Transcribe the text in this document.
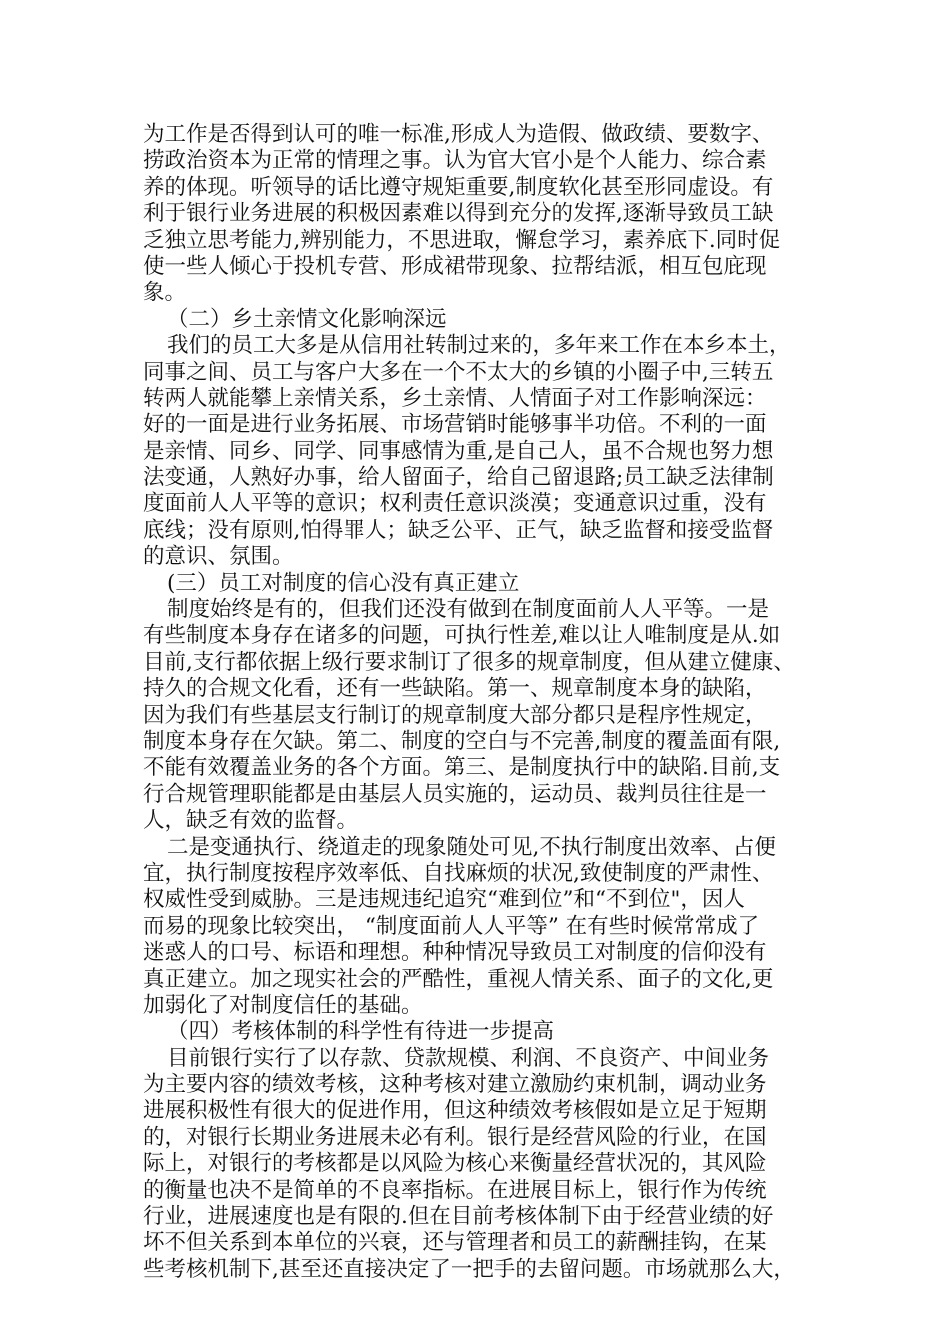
为工作是否得到认可的唯一标准,形成人为造假、做政绩、要数字、
捞政治资本为正常的情理之事。认为官大官小是个人能力、综合素
养的体现。听领导的话比遵守规矩重要,制度软化甚至形同虚设。有
利于银行业务进展的积极因素难以得到充分的发挥,逐渐导致员工缺
乏独立思考能力,辨别能力，不思进取，懈怠学习，素养底下.同时促
使一些人倾心于投机专营、形成裙带现象、拉帮结派，相互包庇现
象。
（二）乡土亲情文化影响深远
我们的员工大多是从信用社转制过来的，多年来工作在本乡本土，
同事之间、员工与客户大多在一个不太大的乡镇的小圈子中,三转五
转两人就能攀上亲情关系，乡土亲情、人情面子对工作影响深远：
好的一面是进行业务拓展、市场营销时能够事半功倍。不利的一面
是亲情、同乡、同学、同事感情为重,是自己人，虽不合规也努力想
法变通，人熟好办事，给人留面子，给自己留退路;员工缺乏法律制
度面前人人平等的意识；权利责任意识淡漠；变通意识过重，没有
底线；没有原则,怕得罪人；缺乏公平、正气，缺乏监督和接受监督
的意识、氛围。
(三）员工对制度的信心没有真正建立
制度始终是有的，但我们还没有做到在制度面前人人平等。一是
有些制度本身存在诸多的问题，可执行性差,难以让人唯制度是从.如
目前,支行都依据上级行要求制订了很多的规章制度，但从建立健康、
持久的合规文化看，还有一些缺陷。第一、规章制度本身的缺陷，
因为我们有些基层支行制订的规章制度大部分都只是程序性规定，
制度本身存在欠缺。第二、制度的空白与不完善,制度的覆盖面有限,
不能有效覆盖业务的各个方面。第三、是制度执行中的缺陷.目前,支
行合规管理职能都是由基层人员实施的，运动员、裁判员往往是一
人，缺乏有效的监督。
二是变通执行、绕道走的现象随处可见,不执行制度出效率、占便
宜，执行制度按程序效率低、自找麻烦的状况,致使制度的严肃性、
权威性受到威胁。三是违规违纪追究“难到位”和“不到位"，因人
而易的现象比较突出， “制度面前人人平等” 在有些时候常常成了
迷惑人的口号、标语和理想。种种情况导致员工对制度的信仰没有
真正建立。加之现实社会的严酷性，重视人情关系、面子的文化,更
加弱化了对制度信任的基础。
（四）考核体制的科学性有待进一步提高
目前银行实行了以存款、贷款规模、利润、不良资产、中间业务
为主要内容的绩效考核，这种考核对建立激励约束机制，调动业务
进展积极性有很大的促进作用，但这种绩效考核假如是立足于短期
的，对银行长期业务进展未必有利。银行是经营风险的行业，在国
际上，对银行的考核都是以风险为核心来衡量经营状况的，其风险
的衡量也决不是简单的不良率指标。在进展目标上，银行作为传统
行业，进展速度也是有限的.但在目前考核体制下由于经营业绩的好
坏不但关系到本单位的兴衰，还与管理者和员工的薪酬挂钩，在某
些考核机制下,甚至还直接决定了一把手的去留问题。市场就那么大，
